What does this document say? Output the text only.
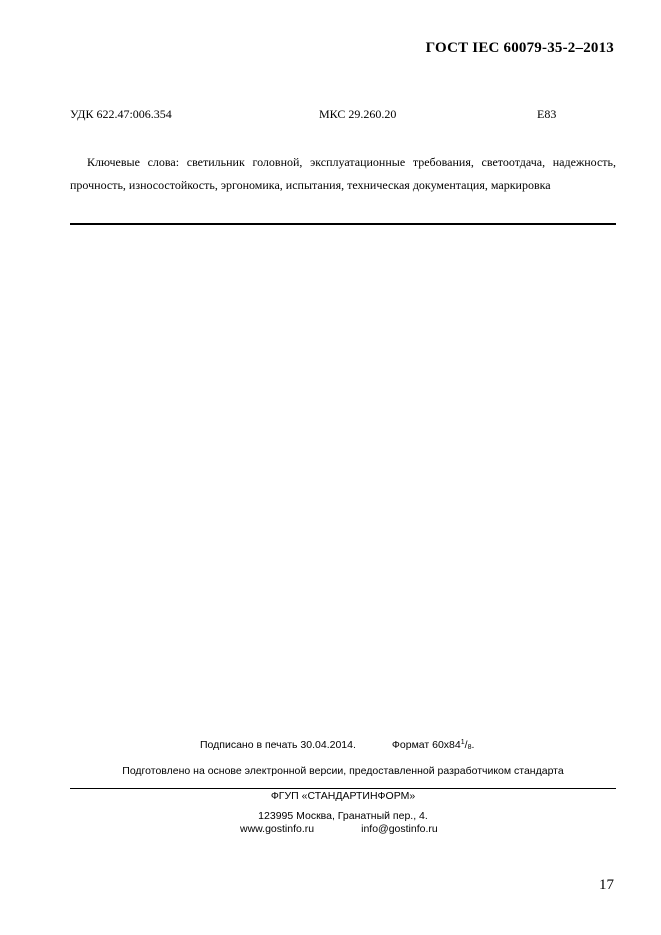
ГОСТ IEC 60079-35-2–2013
УДК 622.47:006.354	МКС 29.260.20	Е83
Ключевые слова: светильник головной, эксплуатационные требования, светоотдача, надежность, прочность, износостойкость, эргономика, испытания, техническая документация, маркировка
Подписано в печать 30.04.2014.	Формат $60х84^1/_8$.
Подготовлено на основе электронной версии, предоставленной разработчиком стандарта
ФГУП «СТАНДАРТИНФОРМ»
123995 Москва, Гранатный пер., 4.
www.gostinfo.ru	info@gostinfo.ru
17
